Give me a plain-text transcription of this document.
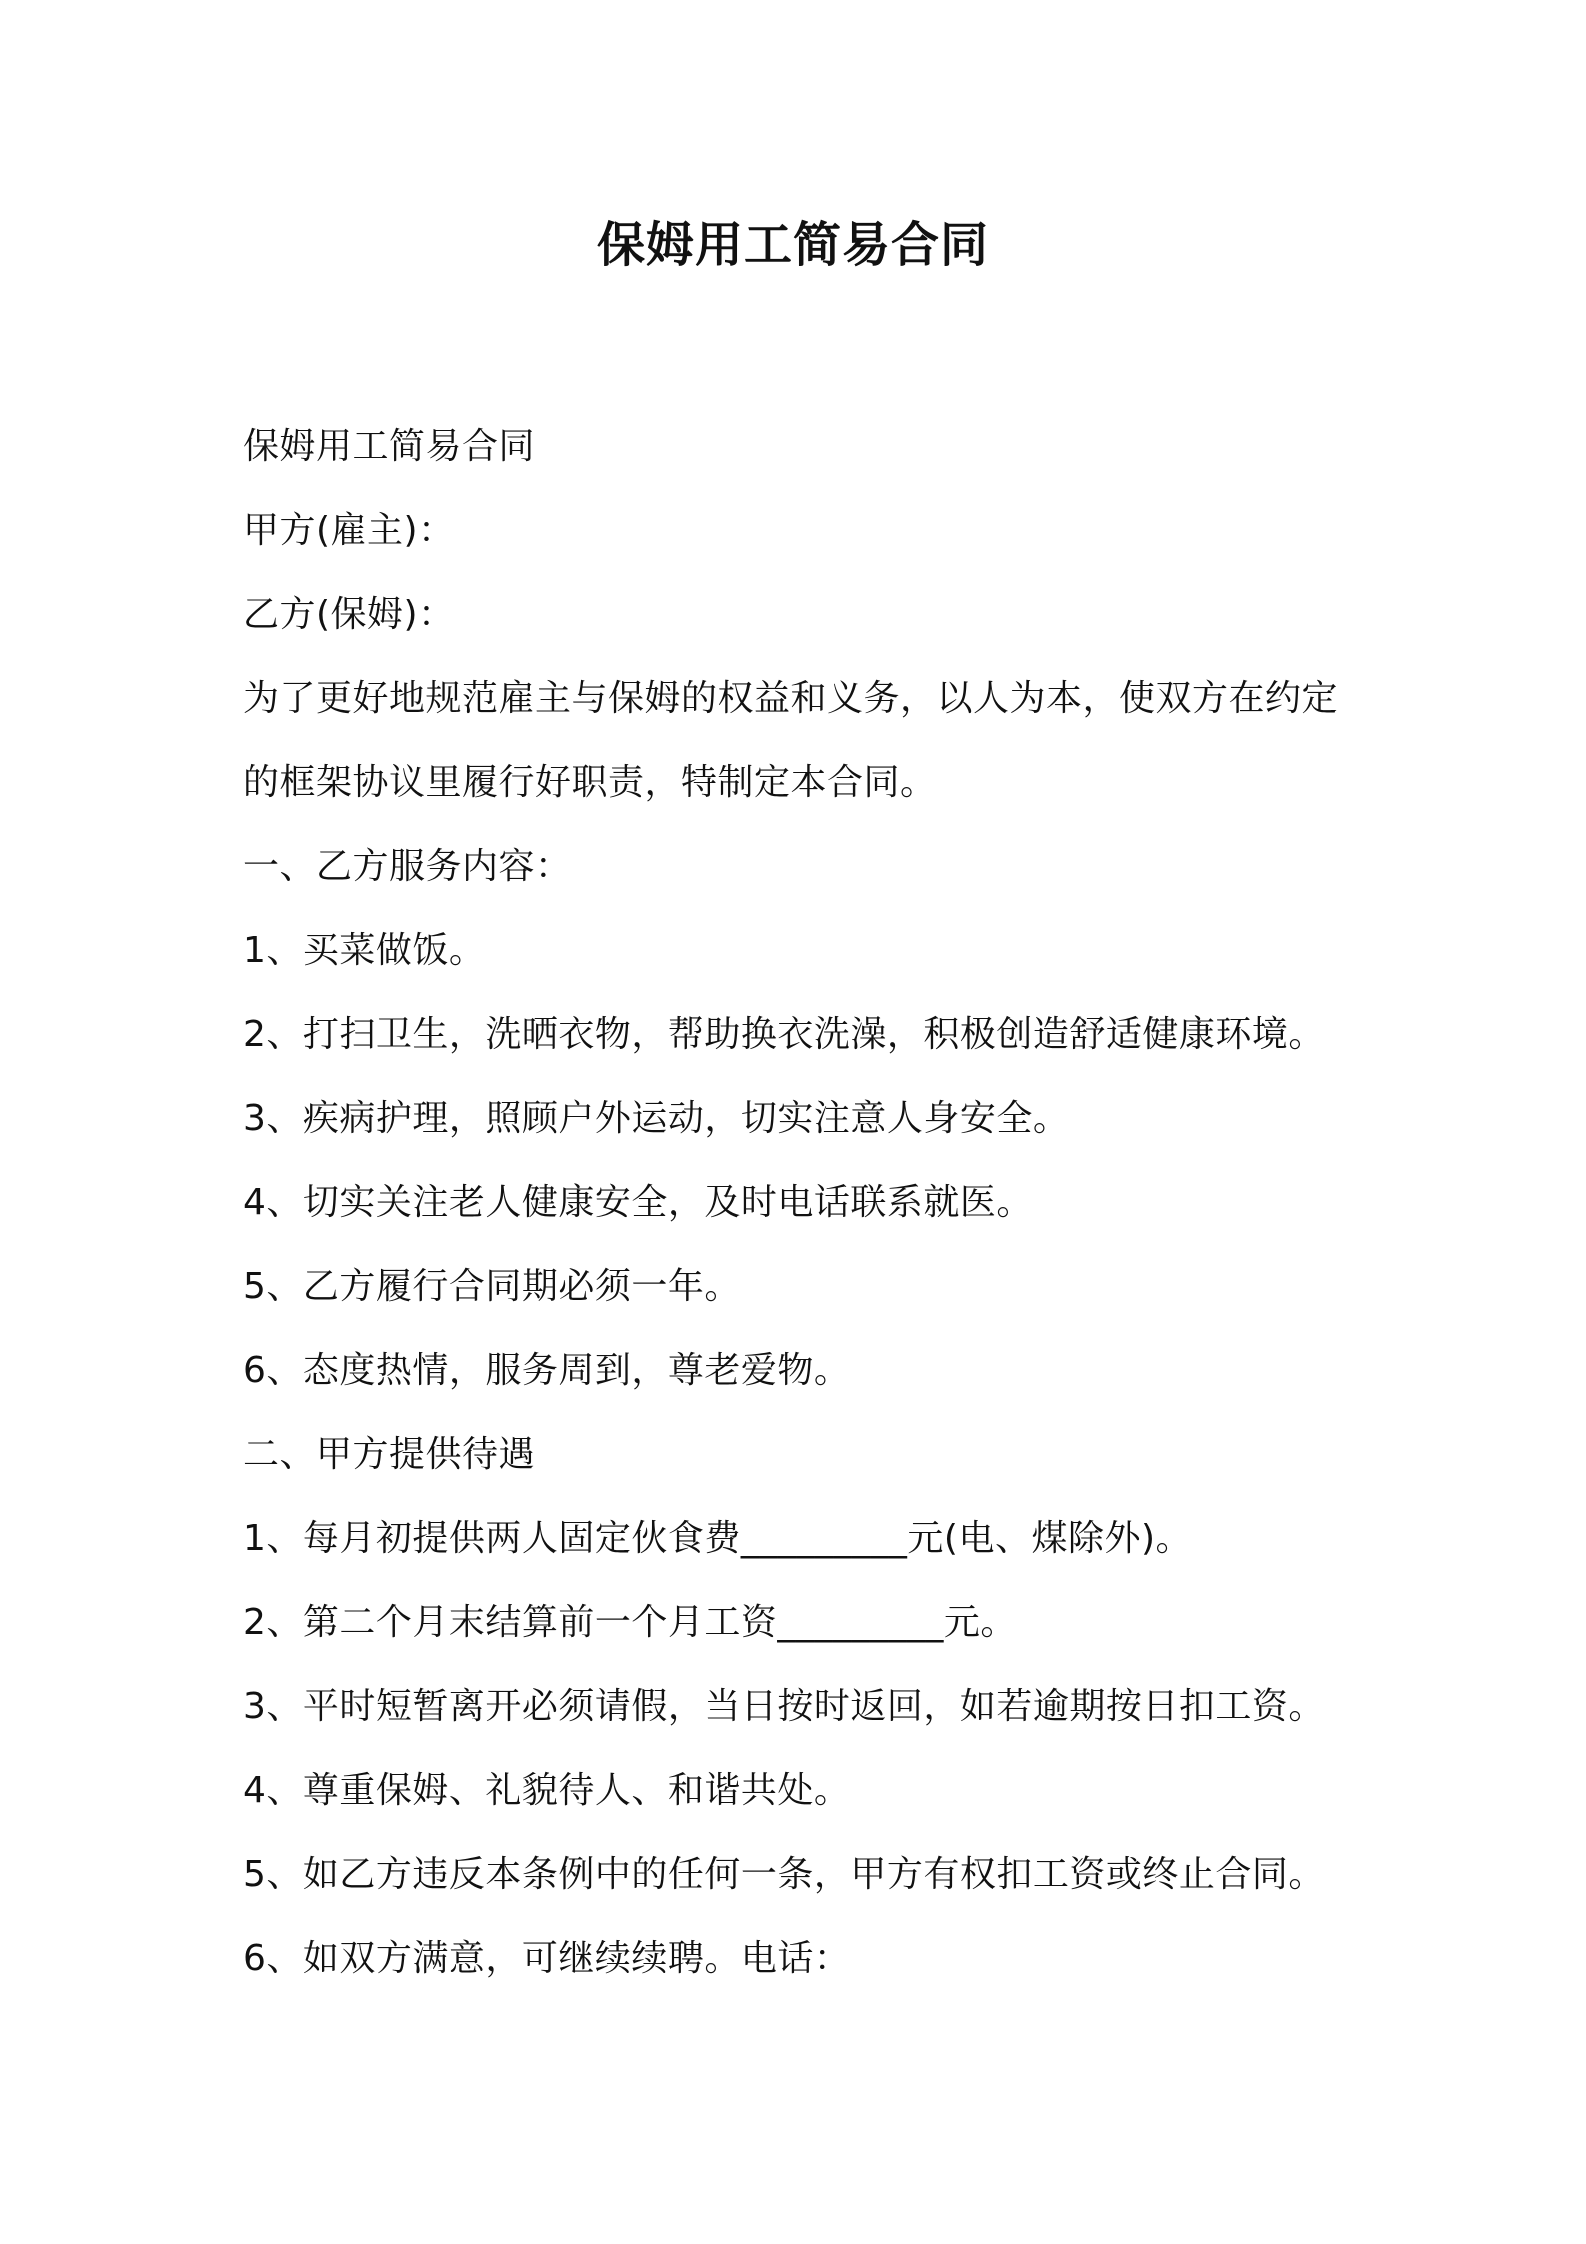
保姆用工简易合同
保姆用工简易合同
甲方(雇主)：
乙方(保姆)：
为了更好地规范雇主与保姆的权益和义务，以人为本，使双方在约定
的框架协议里履行好职责，特制定本合同。
一、乙方服务内容：
1、买菜做饭。
2、打扫卫生，洗晒衣物，帮助换衣洗澡，积极创造舒适健康环境。
3、疾病护理，照顾户外运动，切实注意人身安全。
4、切实关注老人健康安全，及时电话联系就医。
5、乙方履行合同期必须一年。
6、态度热情，服务周到，尊老爱物。
二、甲方提供待遇
1、每月初提供两人固定伙食费_________元(电、煤除外)。
2、第二个月末结算前一个月工资_________元。
3、平时短暂离开必须请假，当日按时返回，如若逾期按日扣工资。
4、尊重保姆、礼貌待人、和谐共处。
5、如乙方违反本条例中的任何一条，甲方有权扣工资或终止合同。
6、如双方满意，可继续续聘。电话：
